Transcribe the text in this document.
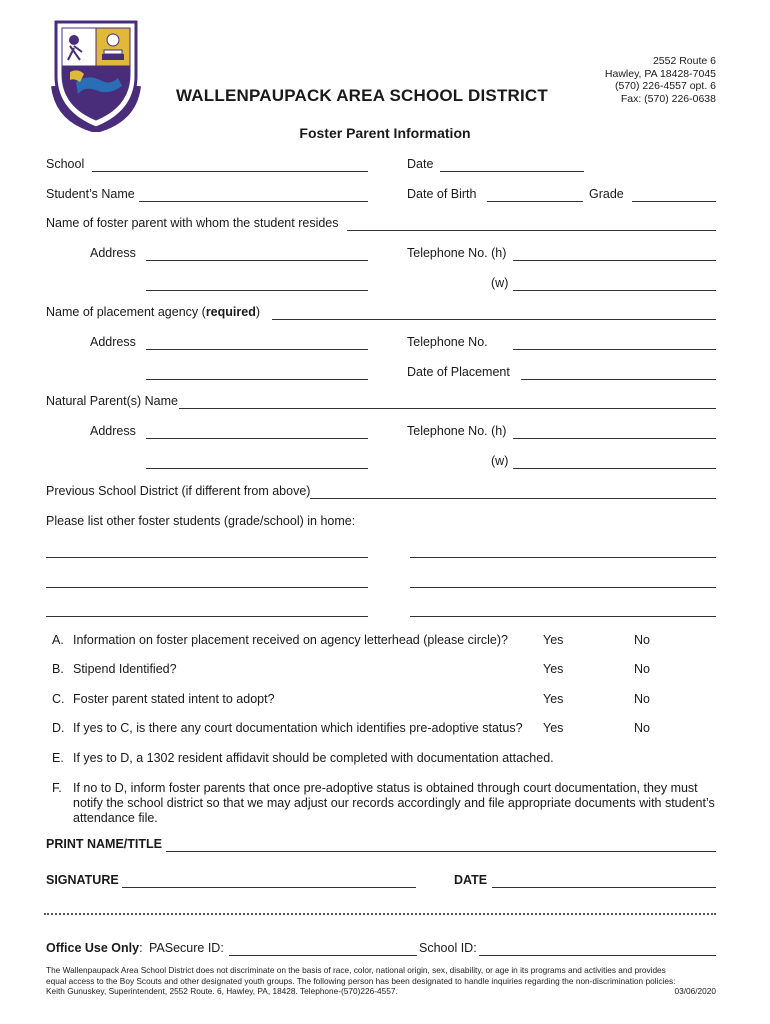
WALLENPAUPACK AREA SCHOOL DISTRICT
2552 Route 6
Hawley, PA 18428-7045
(570) 226-4557 opt. 6
Fax: (570) 226-0638
Foster Parent Information
School	Date
Student’s Name	Date of Birth	Grade
Name of foster parent with whom the student resides
Address	Telephone No. (h)
(w)
Name of placement agency (required)
Address	Telephone No.
Date of Placement
Natural Parent(s) Name
Address	Telephone No. (h)
(w)
Previous School District (if different from above)
Please list other foster students (grade/school) in home:
A. Information on foster placement received on agency letterhead (please circle)?	Yes	No
B. Stipend Identified?	Yes	No
C. Foster parent stated intent to adopt?	Yes	No
D. If yes to C, is there any court documentation which identifies pre-adoptive status? Yes	No
E. If yes to D, a 1302 resident affidavit should be completed with documentation attached.
F. If no to D, inform foster parents that once pre-adoptive status is obtained through court documentation, they must notify the school district so that we may adjust our records accordingly and file appropriate documents with student’s attendance file.
PRINT NAME/TITLE
SIGNATURE	DATE
Office Use Only: PASecure ID:	School ID:
The Wallenpaupack Area School District does not discriminate on the basis of race, color, national origin, sex, disability, or age in its programs and activities and provides
equal access to the Boy Scouts and other designated youth groups. The following person has been designated to handle inquiries regarding the non-discrimination policies:
Keith Gunuskey, Superintendent, 2552 Route. 6, Hawley, PA, 18428. Telephone-(570)226-4557.	03/06/2020
